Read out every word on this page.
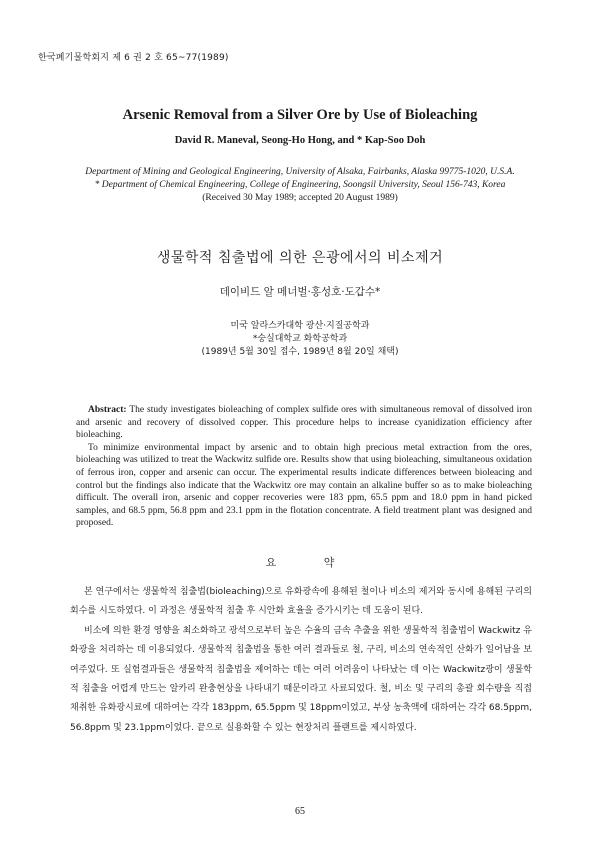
한국폐기물학회지 제 6 권 2 호 65~77(1989)
Arsenic Removal from a Silver Ore by Use of Bioleaching
David R. Maneval, Seong-Ho Hong, and * Kap-Soo Doh
Department of Mining and Geological Engineering, University of Alsaka, Fairbanks, Alaska 99775-1020, U.S.A.
* Department of Chemical Engineering, College of Engineering, Soongsil University, Seoul 156-743, Korea
(Received 30 May 1989; accepted 20 August 1989)
생물학적 침출법에 의한 은광에서의 비소제거
데이비드 알 메너벌·홍성호·도갑수*
미국 알라스카대학 광산·지질공학과
*숭실대학교 화학공학과
(1989년 5월 30일 접수, 1989년 8월 20일 채택)

Abstract: The study investigates bioleaching of complex sulfide ores with simultaneous removal of dissolved iron and arsenic and recovery of dissolved copper. This procedure helps to increase cyanidization efficiency after bioleaching.

To minimize environmental impact by arsenic and to obtain high precious metal extraction from the ores, bioleaching was utilized to treat the Wackwitz sulfide ore. Results show that using bioleaching, simultaneous oxidation of ferrous iron, copper and arsenic can occur. The experimental results indicate differences between bioleacing and control but the findings also indicate that the Wackwitz ore may contain an alkaline buffer so as to make bioleaching difficult. The overall iron, arsenic and copper recoveries were 183 ppm, 65.5 ppm and 18.0 ppm in hand picked samples, and 68.5 ppm, 56.8 ppm and 23.1 ppm in the flotation concentrate. A field treatment plant was designed and proposed.

요 약

본 연구에서는 생물학적 침출법(bioleaching)으로 유화광속에 용해된 철이나 비소의 제거와 동시에 용해된 구리의 회수를 시도하였다. 이 과정은 생물학적 침출 후 시안화 효율을 증가시키는 데 도움이 된다.

비소에 의한 환경 영향을 최소화하고 광석으로부터 높은 수율의 금속 추출을 위한 생물학적 침출법이 Wackwitz 유화광을 처리하는 데 이용되었다. 생물학적 침출법을 통한 여러 결과들로 철, 구리, 비소의 연속적인 산화가 일어남을 보여주었다. 또 실험결과들은 생물학적 침출법을 제어하는 데는 여러 어려움이 나타났는 데 이는 Wackwitz광이 생물학적 침출을 어렵게 만드는 알카리 완충현상을 나타내기 때문이라고 사료되었다. 철, 비소 및 구리의 총괄 회수량을 직접 채취한 유화광시료에 대하여는 각각 183ppm, 65.5ppm 및 18ppm이었고, 부상 농축액에 대하여는 각각 68.5ppm, 56.8ppm 및 23.1ppm이었다. 끝으로 실용화할 수 있는 현장처리 플랜트를 제시하였다.

65
